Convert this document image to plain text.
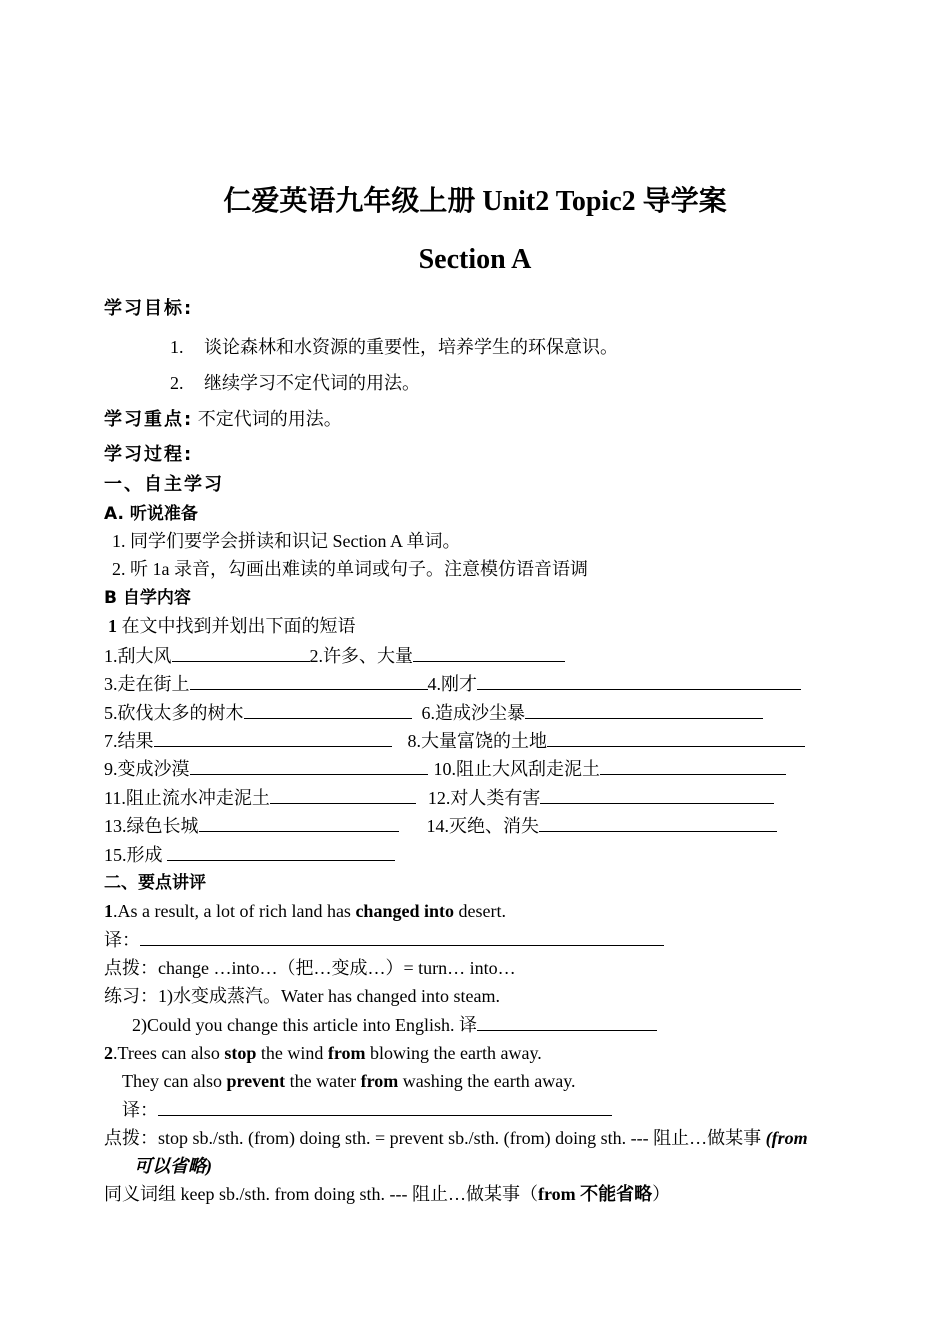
仁爱英语九年级上册 Unit2 Topic2 导学案
Section A
学习目标:
1. 谈论森林和水资源的重要性，培养学生的环保意识。
2. 继续学习不定代词的用法。
学习重点: 不定代词的用法。
学习过程:
一、自主学习
A. 听说准备
1. 同学们要学会拼读和识记 Section A 单词。
2. 听 1a 录音，勾画出难读的单词或句子。注意模仿语音语调
B 自学内容
1 在文中找到并划出下面的短语
1.刮大风	2.许多、大量
3.走在街上	4.刚才
5.砍伐太多的树木	6.造成沙尘暴
7.结果	8.大量富饶的土地
9.变成沙漠	10.阻止大风刮走泥土
11.阻止流水冲走泥土	12.对人类有害
13.绿色长城	14.灭绝、消失
15.形成
二、要点讲评
1.As a result, a lot of rich land has changed into desert.
译：
点拨：change …into…（把…变成…）= turn… into…
练习：1)水变成蒸汽。Water has changed into steam.
2)Could you change this article into English. 译
2.Trees can also stop the wind from blowing the earth away.
They can also prevent the water from washing the earth away.
译：
点拨：stop sb./sth. (from) doing sth. = prevent sb./sth. (from) doing sth. --- 阻止…做某事 (from
可以省略)
同义词组 keep sb./sth. from doing sth. --- 阻止…做某事（from 不能省略）
